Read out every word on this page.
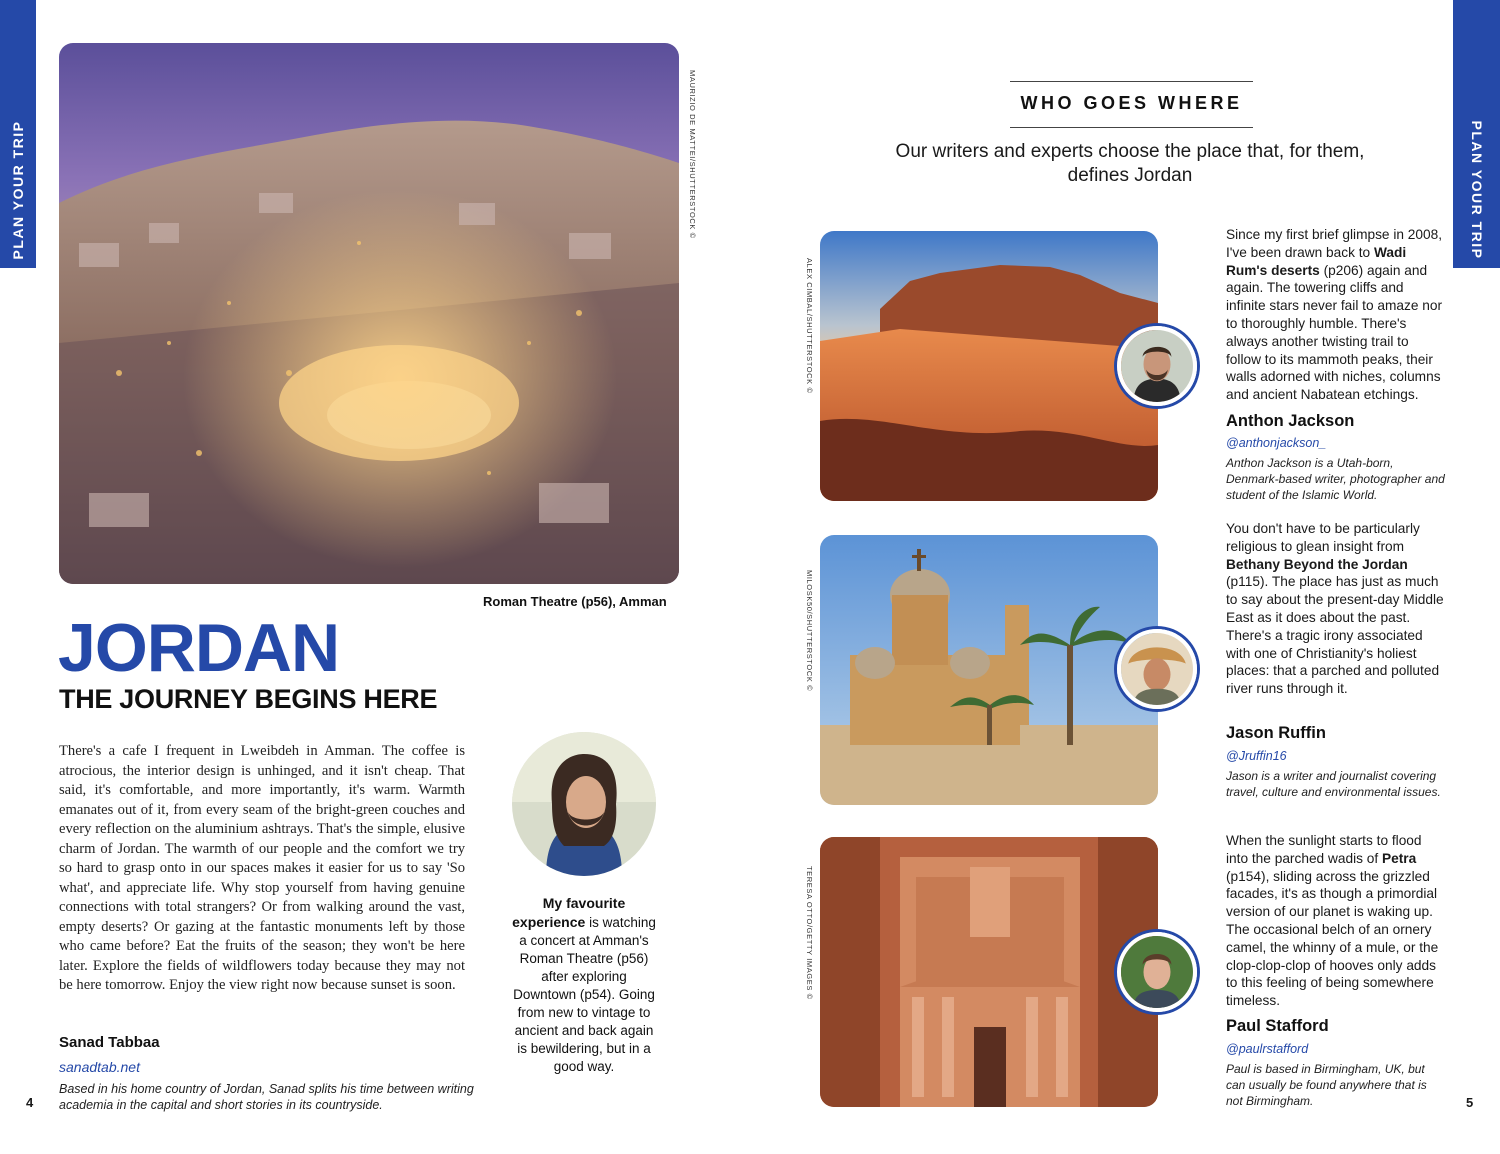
PLAN YOUR TRIP	PLAN YOUR TRIP
MAURIZIO DE MATTEI/SHUTTERSTOCK ©
Roman Theatre (p56), Amman
JORDAN
THE JOURNEY BEGINS HERE

There's a cafe I frequent in Lweibdeh in Amman. The coffee is atrocious, the interior design is unhinged, and it isn't cheap. That said, it's comfortable, and more importantly, it's warm. Warmth emanates out of it, from every seam of the bright-green couches and every reflection on the aluminium ashtrays. That's the simple, elusive charm of Jordan. The warmth of our people and the comfort we try so hard to grasp onto in our spaces makes it easier for us to say 'So what', and appreciate life. Why stop yourself from having genuine connections with total strangers? Or from walking around the vast, empty deserts? Or gazing at the fantastic monuments left by those who came before? Eat the fruits of the season; they won't be here later. Explore the fields of wildflowers today because they may not be here tomorrow. Enjoy the view right now because sunset is soon.

Sanad Tabbaa
sanadtab.net
Based in his home country of Jordan, Sanad splits his time between writing academia in the capital and short stories in its countryside.
My favourite experience is watching a concert at Amman's Roman Theatre (p56) after exploring Downtown (p54). Going from new to vintage to ancient and back again is bewildering, but in a good way.
4
WHO GOES WHERE
Our writers and experts choose the place that, for them, defines Jordan
ALEX CIMBAL/SHUTTERSTOCK ©
Since my first brief glimpse in 2008, I've been drawn back to Wadi Rum's deserts (p206) again and again. The towering cliffs and infinite stars never fail to amaze nor to thoroughly humble. There's always another twisting trail to follow to its mammoth peaks, their walls adorned with niches, columns and ancient Nabatean etchings.
Anthon Jackson
@anthonjackson_
Anthon Jackson is a Utah-born, Denmark-based writer, photographer and student of the Islamic World.
MILOSK50/SHUTTERSTOCK ©
You don't have to be particularly religious to glean insight from Bethany Beyond the Jordan (p115). The place has just as much to say about the present-day Middle East as it does about the past. There's a tragic irony associated with one of Christianity's holiest places: that a parched and polluted river runs through it.
Jason Ruffin
@Jruffin16
Jason is a writer and journalist covering travel, culture and environmental issues.
TERESA OTTO/GETTY IMAGES ©
When the sunlight starts to flood into the parched wadis of Petra (p154), sliding across the grizzled facades, it's as though a primordial version of our planet is waking up. The occasional belch of an ornery camel, the whinny of a mule, or the clop-clop-clop of hooves only adds to this feeling of being somewhere timeless.
Paul Stafford
@paulrstafford
Paul is based in Birmingham, UK, but can usually be found anywhere that is not Birmingham.	5
